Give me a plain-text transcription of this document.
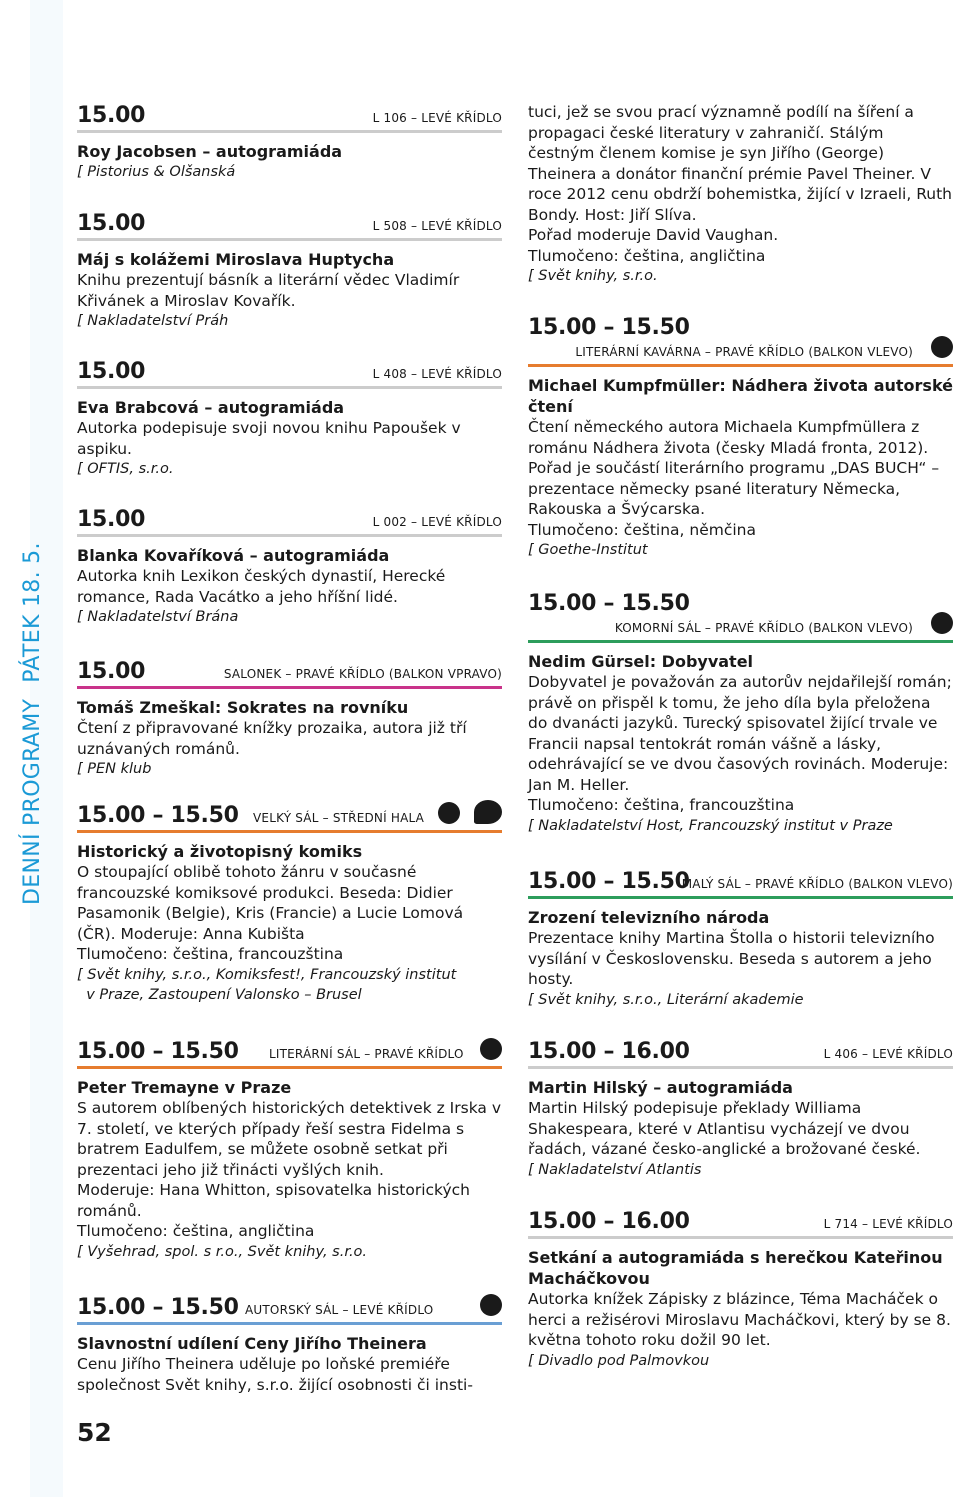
DENNÍ PROGRAMYPÁTEK 18. 5.
52
15.00	L 106 – LEVÉ KŘÍDLO
Roy Jacobsen – autogramiáda
[ Pistorius & Olšanská
15.00	L 508 – LEVÉ KŘÍDLO
Máj s kolážemi Miroslava Huptycha
Knihu prezentují básník a literární vědec Vladimír Křivánek a Miroslav Kovařík.
[ Nakladatelství Práh
15.00	L 408 – LEVÉ KŘÍDLO
Eva Brabcová – autogramiáda
Autorka podepisuje svoji novou knihu Papoušek v aspiku.
[ OFTIS, s.r.o.
15.00	L 002 – LEVÉ KŘÍDLO
Blanka Kovaříková – autogramiáda
Autorka knih Lexikon českých dynastií, Herecké romance, Rada Vacátko a jeho hříšní lidé.
[ Nakladatelství Brána
15.00	SALONEK – PRAVÉ KŘÍDLO (BALKON VPRAVO)
Tomáš Zmeškal: Sokrates na rovníku
Čtení z připravované knížky prozaika, autora již tří uznávaných románů.
[ PEN klub
15.00 – 15.50 VELKÝ SÁL – STŘEDNÍ HALA
Historický a životopisný komiks
O stoupající oblibě tohoto žánru v současné francouzské komiksové produkci. Beseda: Didier Pasamonik (Belgie), Kris (Francie) a Lucie Lomová (ČR). Moderuje: Anna Kubišta
Tlumočeno: čeština, francouzština
[ Svět knihy, s.r.o., Komiksfest!, Francouzský institut
v Praze, Zastoupení Valonsko – Brusel
15.00 – 15.50	LITERÁRNÍ SÁL – PRAVÉ KŘÍDLO
Peter Tremayne v Praze
S autorem oblíbených historických detektivek z Irska v 7. století, ve kterých případy řeší sestra Fidelma s bratrem Eadulfem, se můžete osobně setkat při prezentaci jeho již třinácti vyšlých knih.
Moderuje: Hana Whitton, spisovatelka historických románů.
Tlumočeno: čeština, angličtina
[ Vyšehrad, spol. s r.o., Svět knihy, s.r.o.
15.00 – 15.50 AUTORSKÝ SÁL – LEVÉ KŘÍDLO
Slavnostní udílení Ceny Jiřího Theinera
Cenu Jiřího Theinera uděluje po loňské premiéře společnost Svět knihy, s.r.o. žijící osobnosti či insti-
tuci, jež se svou prací významně podílí na šíření a propagaci české literatury v zahraničí. Stálým čestným členem komise je syn Jiřího (George) Theinera a donátor finanční prémie Pavel Theiner. V roce 2012 cenu obdrží bohemistka, žijící v Izraeli, Ruth Bondy. Host: Jiří Slíva.
Pořad moderuje David Vaughan.
Tlumočeno: čeština, angličtina
[ Svět knihy, s.r.o.
15.00 – 15.50
LITERÁRNÍ KAVÁRNA – PRAVÉ KŘÍDLO (BALKON VLEVO)
Michael Kumpfmüller: Nádhera života autorské čtení
Čtení německého autora Michaela Kumpfmüllera z románu Nádhera života (česky Mladá fronta, 2012). Pořad je součástí literárního programu „DAS BUCH“ – prezentace německy psané literatury Německa, Rakouska a Švýcarska.
Tlumočeno: čeština, němčina
[ Goethe-Institut
15.00 – 15.50
KOMORNÍ SÁL – PRAVÉ KŘÍDLO (BALKON VLEVO)
Nedim Gürsel: Dobyvatel
Dobyvatel je považován za autorův nejdařilejší román; právě on přispěl k tomu, že jeho díla byla přeložena do dvanácti jazyků. Turecký spisovatel žijící trvale ve Francii napsal tentokrát román vášně a lásky, odehrávající se ve dvou časových rovinách. Moderuje: Jan M. Heller.
Tlumočeno: čeština, francouzština
[ Nakladatelství Host, Francouzský institut v Praze
15.00 – 15.50
MALÝ SÁL – PRAVÉ KŘÍDLO (BALKON VLEVO)
Zrození televizního národa
Prezentace knihy Martina Štolla o historii televizního vysílání v Československu. Beseda s autorem a jeho hosty.
[ Svět knihy, s.r.o., Literární akademie
15.00 – 16.00	L 406 – LEVÉ KŘÍDLO
Martin Hilský – autogramiáda
Martin Hilský podepisuje překlady Williama Shakespeara, které v Atlantisu vycházejí ve dvou řadách, vázané česko-anglické a brožované české.
[ Nakladatelství Atlantis
15.00 – 16.00	L 714 – LEVÉ KŘÍDLO
Setkání a autogramiáda s herečkou Kateřinou Macháčkovou
Autorka knížek Zápisky z blázince, Téma Macháček o herci a režisérovi Miroslavu Macháčkovi, který by se 8. května tohoto roku dožil 90 let.
[ Divadlo pod Palmovkou
